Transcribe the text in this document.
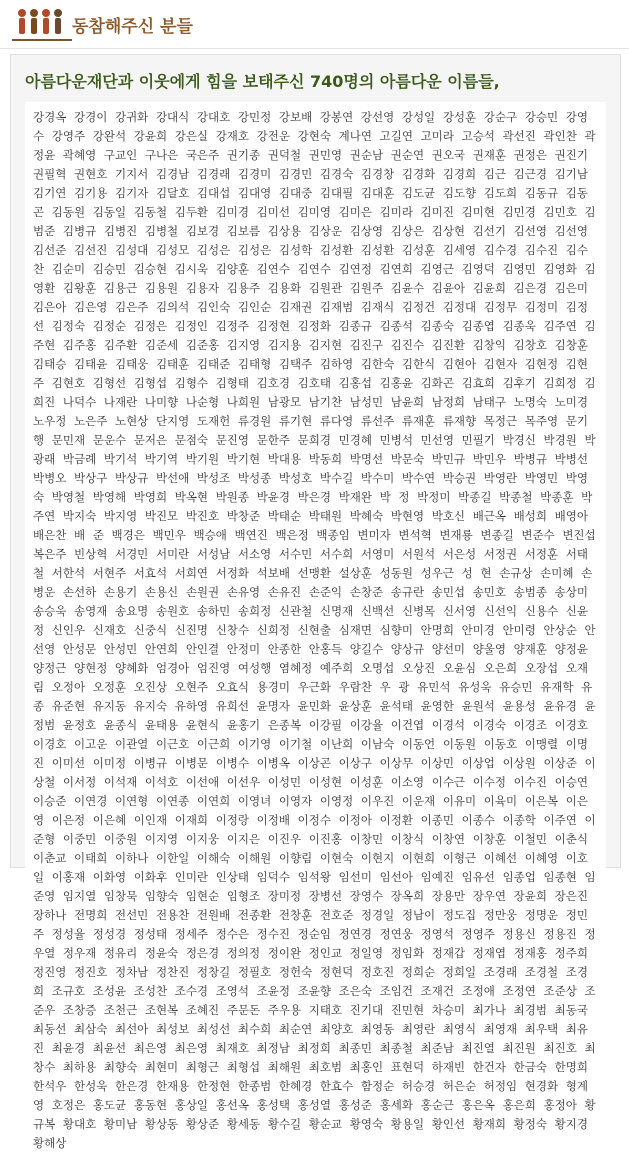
동참해주신 분들
아름다운재단과 이웃에게 힘을 보태주신 740명의 아름다운 이름들,
강경옥 강경이 강귀화 강대식 강대호 강민정 강보배 강봉연 강선영 강성일 강성훈 강순구 강승민 강영수 강영주 강완석 강윤희 강은실 강재호 강전운 강현숙 계나연 고길연 고미라 고승석 곽선진 곽인찬 곽정윤 곽혜영 구교인 구나은 국은주 권기종 권덕철 권민영 권순남 권순연 권오국 권재훈 권정은 권진기 권필혁 권현호 기지서 김경남 김경래 김경미 김경민 김경숙 김경창 김경화 김경희 김근 김근경 김기남 김기연 김기용 김기자 김달호 김대섭 김대영 김대중 김대필 김대훈 김도균 김도향 김도희 김동규 김동곤 김동원 김동일 김동철 김두환 김미경 김미선 김미영 김미은 김미라 김미진 김미현 김민경 김민호 김범준 김병규 김병진 김병철 김보경 김보름 김상용 김상운 김상영 김상은 김상현 김선기 김선영 김선영 김선준 김선진 김성대 김성모 김성은 김성은 김성학 김성환 김성환 김성훈 김세영 김수경 김수진 김수찬 김순미 김승민 김승현 김시욱 김양훈 김연수 김연수 김연정 김연희 김영근 김영덕 김영민 김영화 김영환 김왕훈 김용근 김용원 김용자 김용주 김용화 김원관 김원주 김윤수 김윤아 김윤희 김은경 김은미 김은아 김은영 김은주 김의석 김인숙 김인순 김재권 김재범 김재식 김정건 김정대 김정무 김정미 김정선 김정숙 김정순 김정은 김정인 김정주 김정현 김정화 김종규 김종석 김종숙 김종엽 김종욱 김주연 김주현 김주홍 김주환 김준세 김준홍 김지영 김지용 김지현 김진구 김진수 김진환 김창익 김창호 김창훈 김태승 김태윤 김태웅 김태훈 김태준 김태형 김택주 김하영 김한숙 김한식 김현아 김현자 김현정 김현주 김현호 김형선 김형섭 김형수 김형태 김호경 김호태 김홍섭 김홍윤 김화곤 김효희 김후기 김희정 김희진 나덕수 나재란 나미향 나순형 나희원 남광모 남기찬 남성민 남윤희 남정희 남태구 노명숙 노미경 노우정 노은주 노현상 단지영 도재헌 류경원 류기현 류다영 류선주 류재훈 류재향 목정근 목주영 문기행 문민재 문운수 문저은 문점숙 문진영 문한주 문희경 민경혜 민병석 민선영 민필기 박경신 박경원 박광래 박금례 박기석 박기역 박기원 박기현 박대용 박동희 박명선 박문숙 박민규 박민우 박병규 박병선 박병오 박상구 박상규 박선애 박성조 박성종 박성호 박수길 박수미 박수연 박승권 박영란 박영민 박영숙 박영철 박영해 박영희 박옥현 박원종 박윤경 박은경 박재완 박 정 박정미 박종길 박종철 박종훈 박주연 박지숙 박지영 박진모 박진호 박창준 박태순 박태원 박혜숙 박현영 박호신 배근옥 배성희 배영아 배은찬 배 준 백경은 백민우 백승애 백연진 백은정 백종임 변미자 변석혁 변재룡 변종길 변준수 변진섭 복은주 빈상혁 서경민 서미란 서성남 서소영 서수민 서수희 서영미 서원석 서은성 서정권 서정훈 서태철 서한석 서현주 서효석 서희연 서정화 석보배 선맹환 설상훈 성동원 성우근 성 현 손규상 손미혜 손병운 손선하 손용기 손용신 손원권 손유영 손유진 손준익 손창준 송규란 송민섭 송민호 송범종 송상미 송승욱 송영재 송요명 송원호 송하민 송희정 신관철 신명재 신백선 신병목 신서영 신선익 신용수 신윤정 신인우 신재호 신중식 신진명 신창수 신희정 신현출 심재면 심향미 안명희 안미경 안미령 안상순 안선영 안성문 안성민 안연희 안인결 안정미 안종한 안홍득 양길수 양상규 양선미 양울영 양재훈 양정윤 양정근 양현정 양혜화 엄경아 엄진영 여성행 염혜정 예주희 오명섭 오상진 오윤심 오은희 오장섭 오재림 오정아 오정훈 오진상 오현주 오효식 용경미 우근화 우람찬 우 광 유민석 유성욱 유승민 유재학 유 종 유준현 유지동 유지숙 유하영 유희선 윤명자 윤민화 윤상훈 윤석태 윤영한 윤원석 윤용성 윤유경 윤정범 윤정호 윤종식 윤태용 윤현식 윤홍기 은종복 이강필 이강율 이건엽 이경석 이경숙 이경조 이경호 이경호 이고운 이관열 이근호 이근희 이기영 이기철 이난희 이남숙 이동언 이동원 이동호 이맹렬 이명진 이미선 이미정 이병규 이병문 이병수 이병옥 이상곤 이상구 이상무 이상민 이상업 이상원 이상준 이상철 이서정 이석재 이석호 이선애 이선우 이성민 이성현 이성훈 이소영 이수근 이수정 이수진 이승연 이승준 이연경 이연형 이연종 이연희 이영녀 이영자 이영정 이우진 이운재 이유미 이육미 이은복 이은영 이은정 이은혜 이인재 이재희 이정랑 이정배 이정수 이정아 이정환 이종민 이종수 이종학 이주연 이준형 이중민 이중원 이지영 이지웅 이지은 이진우 이진홍 이창민 이창식 이창연 이창훈 이철민 이춘식 이춘교 이태희 이하나 이한일 이해숙 이해원 이향림 이현숙 이현지 이현희 이형근 이혜선 이혜영 이호일 이홍재 이화영 이화후 인미란 인상태 임덕수 임석왕 임선미 임선아 임예진 임유선 임종업 임종현 임준영 임지열 임창묵 임향숙 임현순 임형조 장미정 장병선 장영수 장옥희 장용만 장우연 장윤희 장은진 장하나 전명희 전선민 전용찬 전원배 전종환 전창훈 전호준 정경일 정남이 정도집 정만웅 정명운 정민주 정성율 정성경 정성태 정세주 정수은 정수진 정순임 정연경 정연웅 정영석 정영주 정용신 정용진 정우열 정우재 정유리 정윤숙 정은경 정의정 정이완 정인교 정일영 정임화 정재갑 정재엽 정재홍 정주희 정진영 정진호 정차남 정찬진 정창길 정필호 정헌숙 정현덕 정호진 정희순 정희일 조경래 조경철 조경희 조규호 조성윤 조성찬 조수경 조영석 조윤정 조윤향 조은숙 조임건 조재건 조정애 조정연 조준상 조준우 조창증 조천근 조현복 조혜진 주문돈 주우용 지태호 진기대 진민현 차승미 최가나 최경범 최동국 최동선 최삼숙 최선아 최성보 최성선 최수희 최순연 최양호 최영동 최영란 최영식 최영재 최우택 최유진 최윤경 최윤선 최은영 최은영 최재호 최정남 최정희 최종민 최종철 최준남 최진열 최진원 최진호 최창수 최하용 최향숙 최현미 최형근 최형섭 최해원 최호범 최홍인 표현덕 하재빈 한건자 한금숙 한명희 한석우 한성욱 한은경 한재용 한정현 한종범 한혜경 한효수 함정순 허승경 허은순 허정임 현경화 형계영 호정은 홍도균 홍동현 홍상일 홍선옥 홍성택 홍성열 홍성준 홍세화 홍순근 홍은옥 홍은희 홍정아 황규복 황대호 황미남 황상동 황상준 황세동 황수길 황순교 황영숙 황용일 황인선 황재희 황정숙 황지경 황해상
